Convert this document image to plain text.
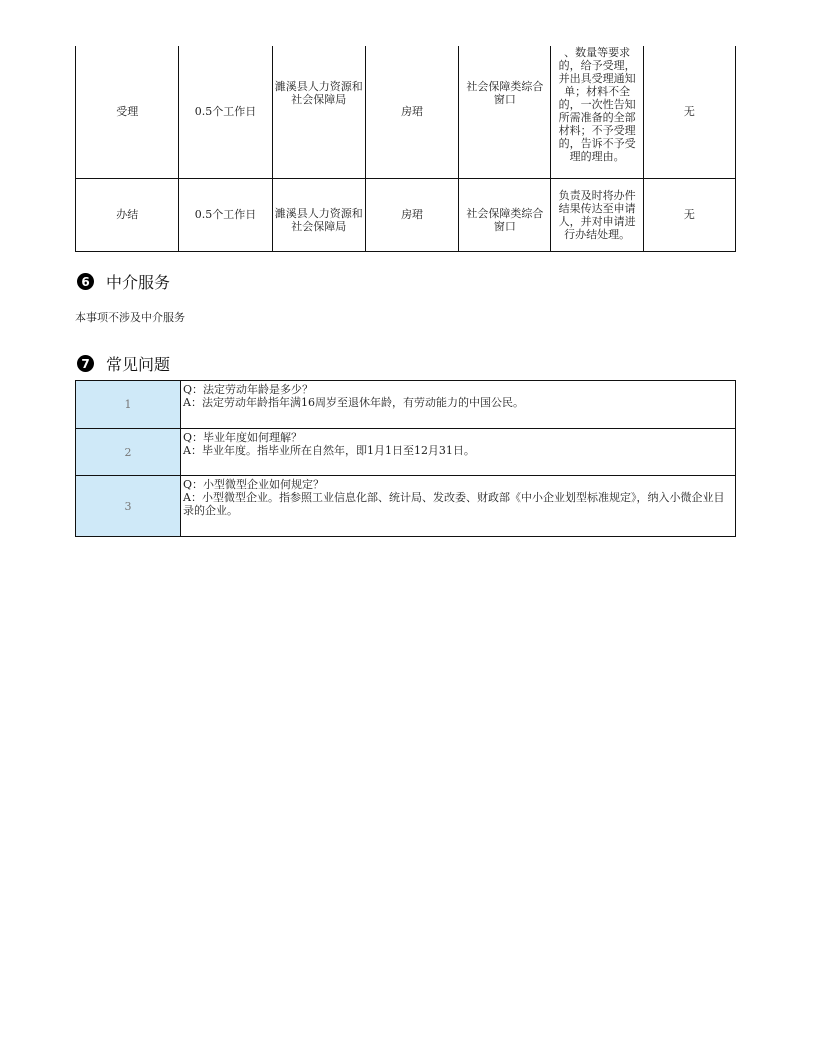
受理	0.5个工作日	濉溪县人力资源和社会保障局	房珺	社会保障类综合窗口	、数量等要求的，给予受理，并出具受理通知单；材料不全的，一次性告知所需准备的全部材料；不予受理的，告诉不予受理的理由。	无
办结	0.5个工作日	濉溪县人力资源和社会保障局	房珺	社会保障类综合窗口	负责及时将办件结果传达至申请人，并对申请进行办结处理。	无
6 中介服务
本事项不涉及中介服务
7 常见问题
1	Q：法定劳动年龄是多少？
A：法定劳动年龄指年满16周岁至退休年龄，有劳动能力的中国公民。

2	Q：毕业年度如何理解？
A：毕业年度。指毕业所在自然年，即1月1日至12月31日。

3	Q：小型微型企业如何规定？
A：小型微型企业。指参照工业信息化部、统计局、发改委、财政部《中小企业划型标准规定》，纳入小微企业目录的企业。
